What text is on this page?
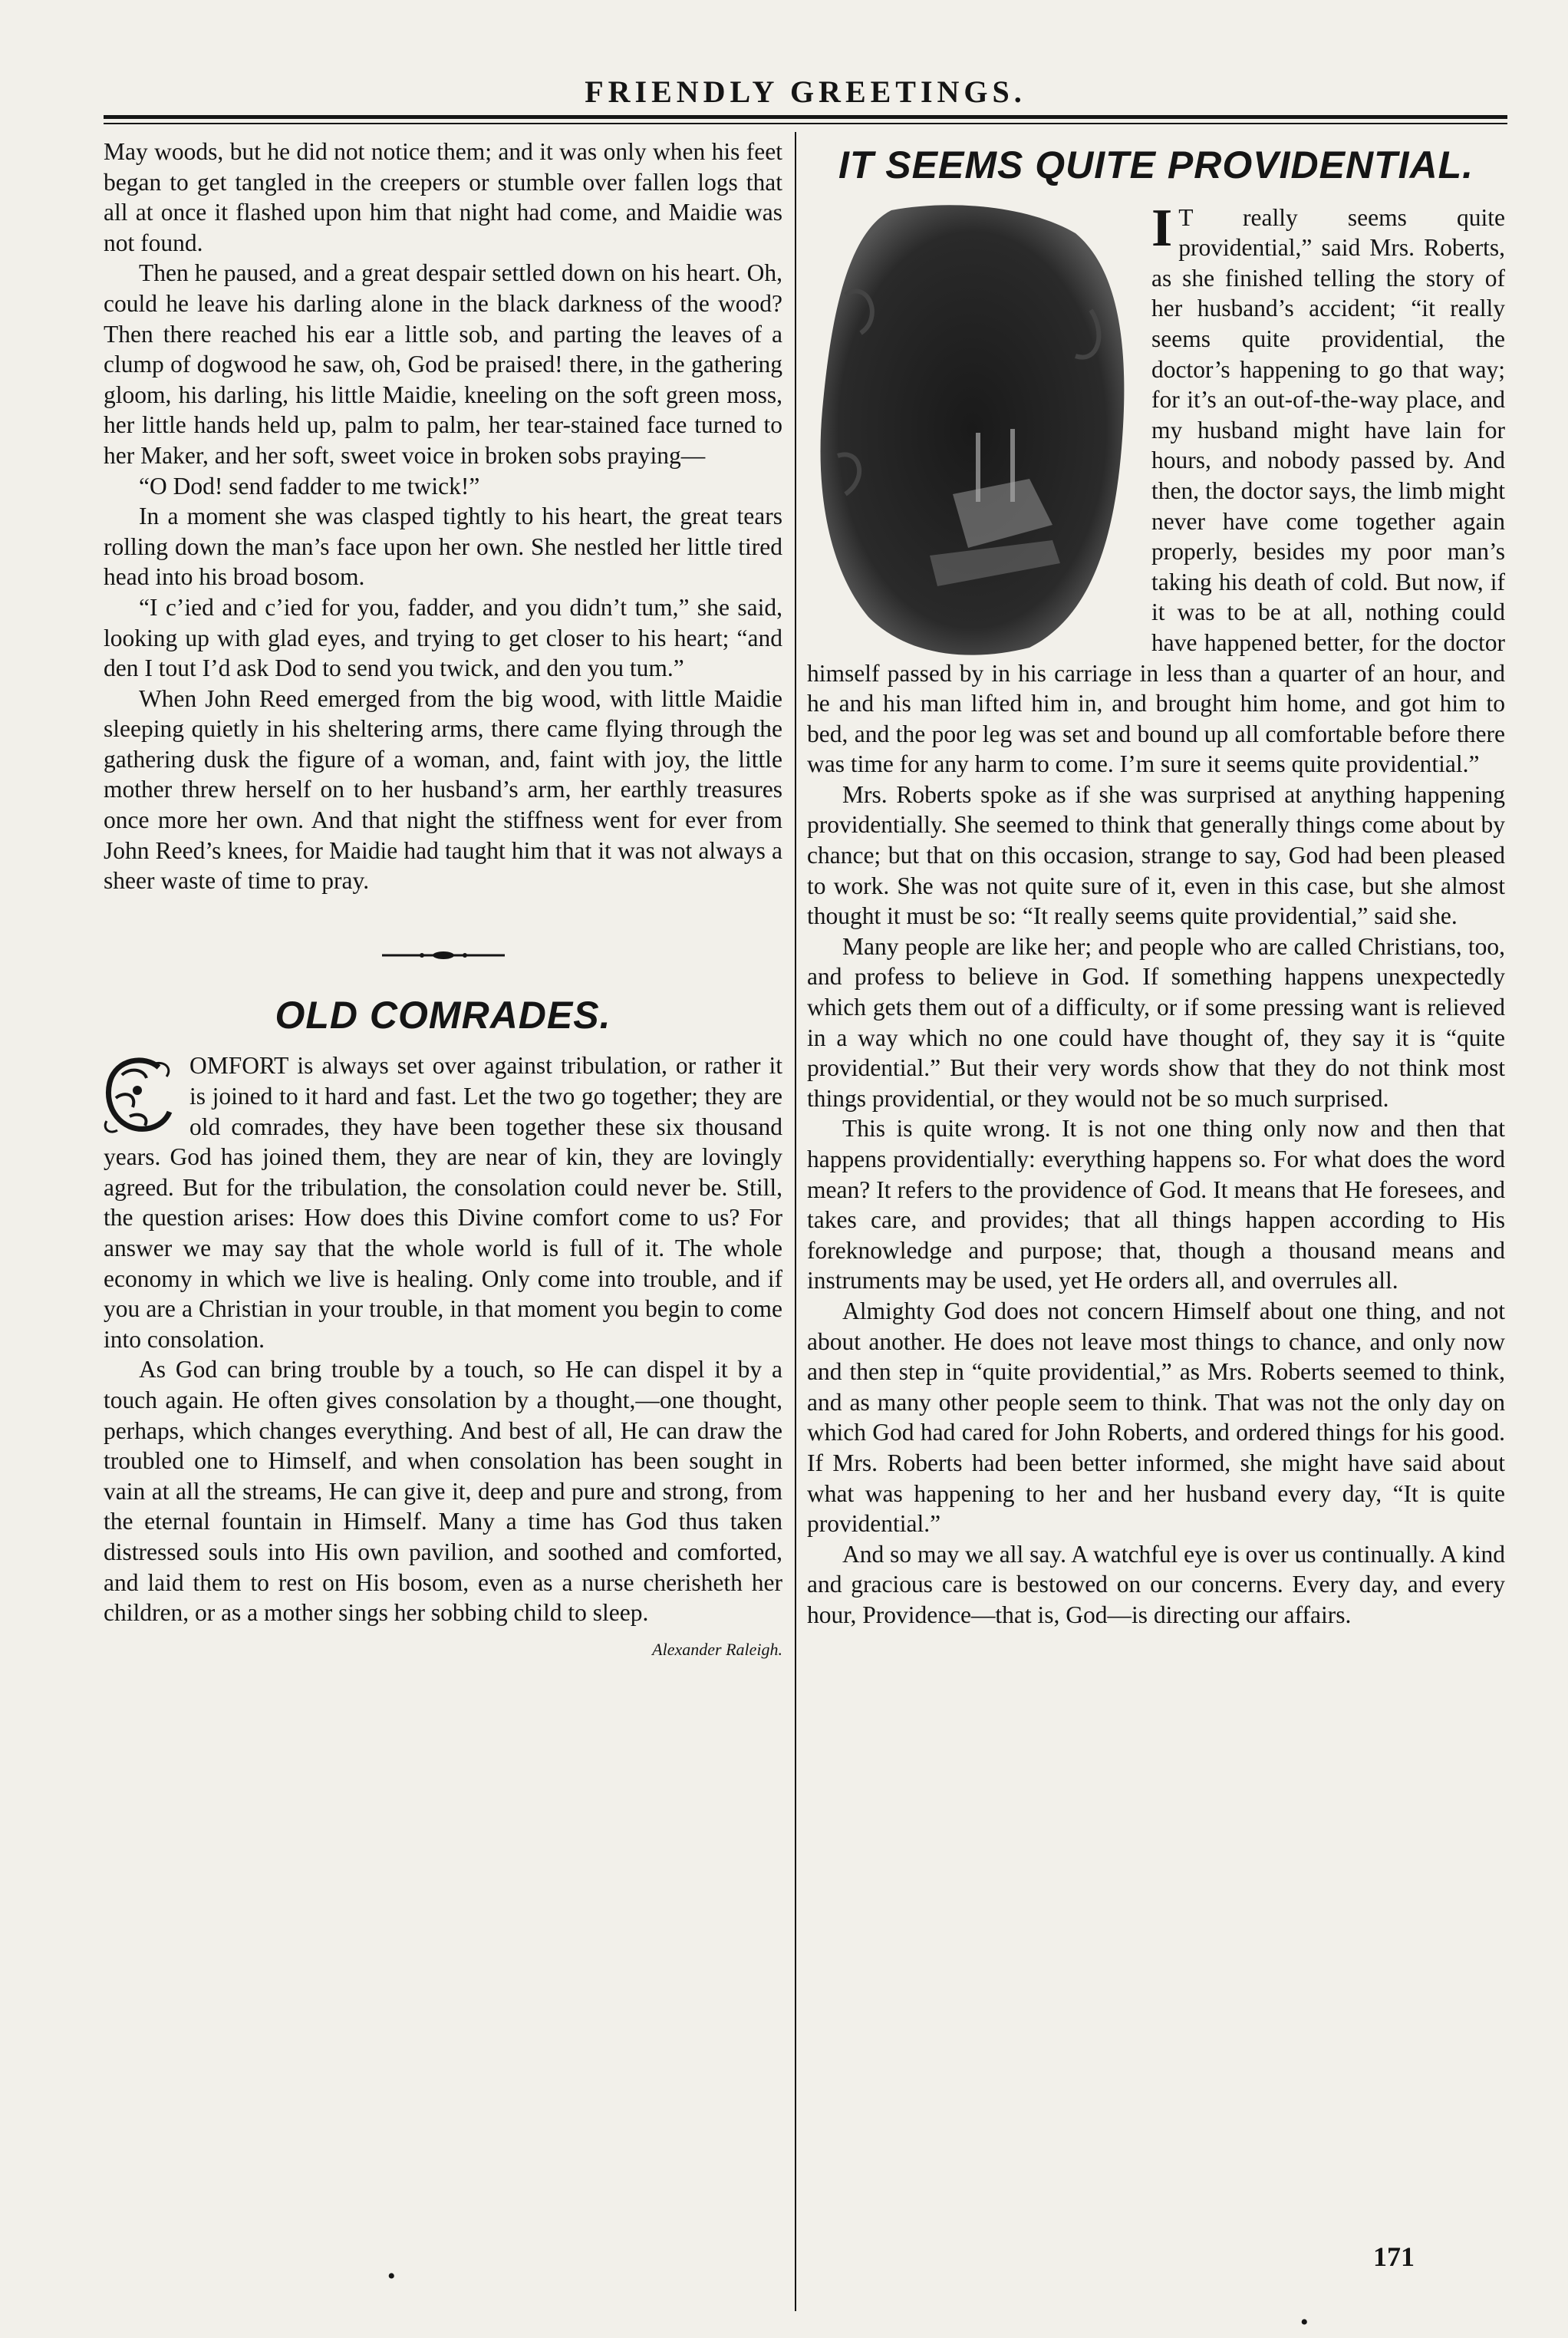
FRIENDLY GREETINGS.

May woods, but he did not notice them; and it was only when his feet began to get tangled in the creepers or stumble over fallen logs that all at once it flashed upon him that night had come, and Maidie was not found.

Then he paused, and a great despair settled down on his heart. Oh, could he leave his darling alone in the black darkness of the wood? Then there reached his ear a little sob, and parting the leaves of a clump of dogwood he saw, oh, God be praised! there, in the gathering gloom, his darling, his little Maidie, kneeling on the soft green moss, her little hands held up, palm to palm, her tear-stained face turned to her Maker, and her soft, sweet voice in broken sobs praying—

“O Dod! send fadder to me twick!”

In a moment she was clasped tightly to his heart, the great tears rolling down the man’s face upon her own. She nestled her little tired head into his broad bosom.

“I c’ied and c’ied for you, fadder, and you didn’t tum,” she said, looking up with glad eyes, and trying to get closer to his heart; “and den I tout I’d ask Dod to send you twick, and den you tum.”

When John Reed emerged from the big wood, with little Maidie sleeping quietly in his sheltering arms, there came flying through the gathering dusk the figure of a woman, and, faint with joy, the little mother threw herself on to her husband’s arm, her earthly treasures once more her own. And that night the stiffness went for ever from John Reed’s knees, for Maidie had taught him that it was not always a sheer waste of time to pray.

OLD COMRADES.

OMFORT is always set over against tribulation, or rather it is joined to it hard and fast. Let the two go together; they are old comrades, they have been together these six thousand years. God has joined them, they are near of kin, they are lovingly agreed. But for the tribulation, the consolation could never be. Still, the question arises: How does this Divine comfort come to us? For answer we may say that the whole world is full of it. The whole economy in which we live is healing. Only come into trouble, and if you are a Christian in your trouble, in that moment you begin to come into consolation.

As God can bring trouble by a touch, so He can dispel it by a touch again. He often gives consolation by a thought,—one thought, perhaps, which changes everything. And best of all, He can draw the troubled one to Himself, and when consolation has been sought in vain at all the streams, He can give it, deep and pure and strong, from the eternal fountain in Himself. Many a time has God thus taken distressed souls into His own pavilion, and soothed and comforted, and laid them to rest on His bosom, even as a nurse cherisheth her children, or as a mother sings her sobbing child to sleep.

Alexander Raleigh.
IT SEEMS QUITE PROVIDENTIAL.

I T really seems quite providential,” said Mrs. Roberts, as she finished telling the story of her husband’s accident; “it really seems quite providential, the doctor’s happening to go that way; for it’s an out-of-the-way place, and my husband might have lain for hours, and nobody passed by. And then, the doctor says, the limb might never have come together again properly, besides my poor man’s taking his death of cold. But now, if it was to be at all, nothing could have happened better, for the doctor himself passed by in his carriage in less than a quarter of an hour, and he and his man lifted him in, and brought him home, and got him to bed, and the poor leg was set and bound up all comfortable before there was time for any harm to come. I’m sure it seems quite providential.”

Mrs. Roberts spoke as if she was surprised at anything happening providentially. She seemed to think that generally things come about by chance; but that on this occasion, strange to say, God had been pleased to work. She was not quite sure of it, even in this case, but she almost thought it must be so: “It really seems quite providential,” said she.

Many people are like her; and people who are called Christians, too, and profess to believe in God. If something happens unexpectedly which gets them out of a difficulty, or if some pressing want is relieved in a way which no one could have thought of, they say it is “quite providential.” But their very words show that they do not think most things providential, or they would not be so much surprised.

This is quite wrong. It is not one thing only now and then that happens providentially: everything happens so. For what does the word mean? It refers to the providence of God. It means that He foresees, and takes care, and provides; that all things happen according to His foreknowledge and purpose; that, though a thousand means and instruments may be used, yet He orders all, and overrules all.

Almighty God does not concern Himself about one thing, and not about another. He does not leave most things to chance, and only now and then step in “quite providential,” as Mrs. Roberts seemed to think, and as many other people seem to think. That was not the only day on which God had cared for John Roberts, and ordered things for his good. If Mrs. Roberts had been better informed, she might have said about what was happening to her and her husband every day, “It is quite providential.”

And so may we all say. A watchful eye is over us continually. A kind and gracious care is bestowed on our concerns. Every day, and every hour, Providence—that is, God—is directing our affairs.

171
•
•
